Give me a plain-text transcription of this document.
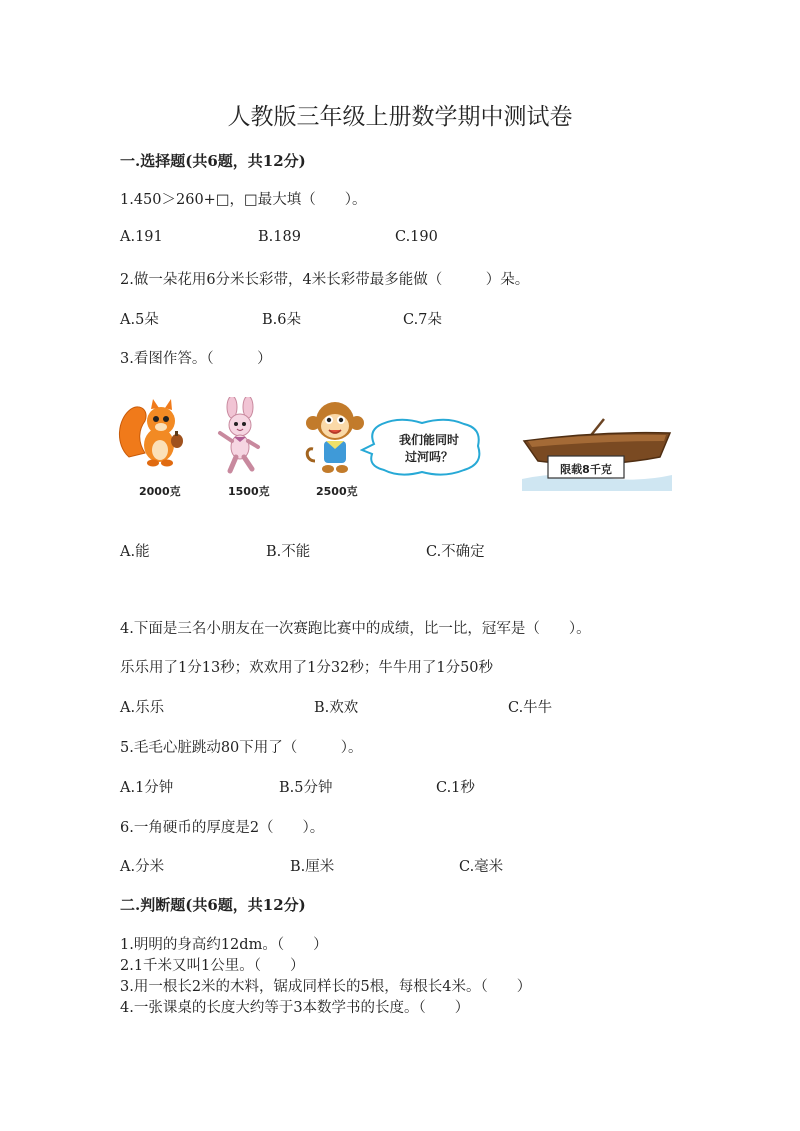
人教版三年级上册数学期中测试卷
一.选择题(共6题，共12分)
1.450＞260+□，□最大填（　　）。
A.191	B.189	C.190
2.做一朵花用6分米长彩带，4米长彩带最多能做（　　　）朵。
A.5朵	B.6朵	C.7朵
3.看图作答。（　　　）
2000克	1500克	2500克
我们能同时
过河吗？
限载8千克
A.能	B.不能	C.不确定
4.下面是三名小朋友在一次赛跑比赛中的成绩，比一比，冠军是（　　）。
乐乐用了1分13秒；欢欢用了1分32秒；牛牛用了1分50秒
A.乐乐	B.欢欢	C.牛牛
5.毛毛心脏跳动80下用了（　　　）。
A.1分钟	B.5分钟	C.1秒
6.一角硬币的厚度是2（　　）。
A.分米	B.厘米	C.毫米
二.判断题(共6题，共12分)
1.明明的身高约12dm。（　　）
2.1千米又叫1公里。（　　）
3.用一根长2米的木料，锯成同样长的5根，每根长4米。（　　）
4.一张课桌的长度大约等于3本数学书的长度。（　　）
